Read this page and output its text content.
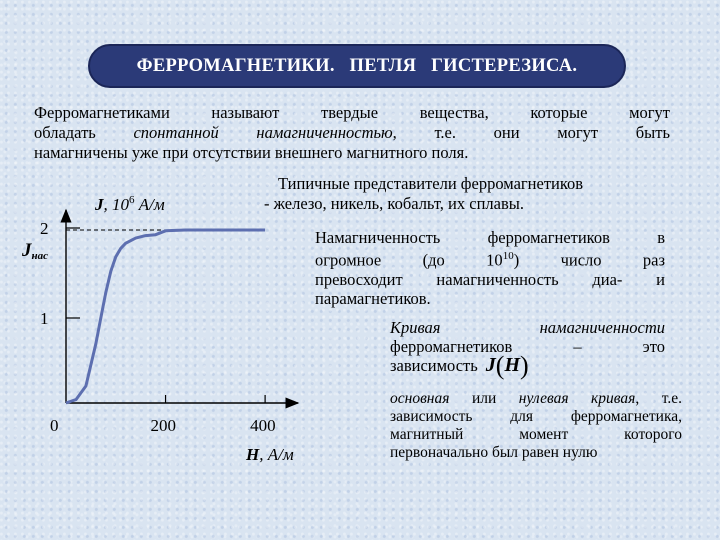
ФЕРРОМАГНЕТИКИ.   ПЕТЛЯ   ГИСТЕРЕЗИСА.
Ферромагнетиками называют твердые вещества, которые могут
обладать спонтанной намагниченностью, т.е. они могут быть
намагничены уже при отсутствии внешнего магнитного поля.
Типичные представители ферромагнетиков
- железо, никель, кобальт, их сплавы.
Намагниченность ферромагнетиков в
огромное   (до   $10^{10}$)   число   раз
превосходит намагниченность диа- и
парамагнетиков.
Кривая          намагниченности
ферромагнетиков          –          это
зависимость J(H)
основная или нулевая кривая, т.е.
зависимость для ферромагнетика,
магнитный     момент     которого
первоначально был равен нулю
1
2
0	200	400
J, $10^6$ А/м
Jнас
H, А/м
